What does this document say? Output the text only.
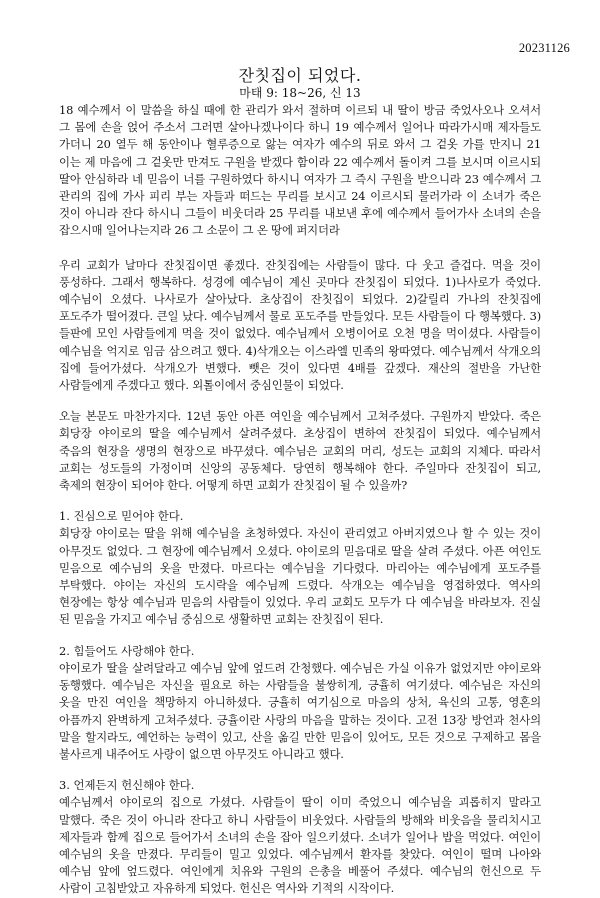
20231126
잔칫집이 되었다.
마태 9: 18~26, 신 13

18 예수께서 이 말씀을 하실 때에 한 관리가 와서 절하며 이르되 내 딸이 방금 죽었사오나 오셔서 그 몸에 손을 얹어 주소서 그러면 살아나겠나이다 하니 19 예수께서 일어나 따라가시매 제자들도 가더니 20 열두 해 동안이나 혈루증으로 앓는 여자가 예수의 뒤로 와서 그 겉옷 가를 만지니 21 이는 제 마음에 그 겉옷만 만져도 구원을 받겠다 함이라 22 예수께서 돌이켜 그를 보시며 이르시되 딸아 안심하라 네 믿음이 너를 구원하였다 하시니 여자가 그 즉시 구원을 받으니라 23 예수께서 그 관리의 집에 가사 피리 부는 자들과 떠드는 무리를 보시고 24 이르시되 물러가라 이 소녀가 죽은 것이 아니라 잔다 하시니 그들이 비웃더라 25 무리를 내보낸 후에 예수께서 들어가사 소녀의 손을 잡으시매 일어나는지라 26 그 소문이 그 온 땅에 퍼지더라

우리 교회가 날마다 잔칫집이면 좋겠다. 잔칫집에는 사람들이 많다. 다 웃고 즐겁다. 먹을 것이 풍성하다. 그래서 행복하다. 성경에 예수님이 계신 곳마다 잔칫집이 되었다. 1)나사로가 죽었다. 예수님이 오셨다. 나사로가 살아났다. 초상집이 잔칫집이 되었다. 2)갈릴리 가나의 잔칫집에 포도주가 떨어졌다. 큰일 났다. 예수님께서 물로 포도주를 만들었다. 모든 사람들이 다 행복했다. 3)들판에 모인 사람들에게 먹을 것이 없었다. 예수님께서 오병이어로 오천 명을 먹이셨다. 사람들이 예수님을 억지로 임금 삼으려고 했다. 4)삭개오는 이스라엘 민족의 왕따였다. 예수님께서 삭개오의 집에 들어가셨다. 삭개오가 변했다. 뺏은 것이 있다면 4배를 갚겠다. 재산의 절반을 가난한 사람들에게 주겠다고 했다. 외톨이에서 중심인물이 되었다.

오늘 본문도 마찬가지다. 12년 동안 아픈 여인을 예수님께서 고쳐주셨다. 구원까지 받았다. 죽은 회당장 야이로의 딸을 예수님께서 살려주셨다. 초상집이 변하여 잔칫집이 되었다. 예수님께서 죽음의 현장을 생명의 현장으로 바꾸셨다. 예수님은 교회의 머리, 성도는 교회의 지체다. 따라서 교회는 성도들의 가정이며 신앙의 공동체다. 당연히 행복해야 한다. 주일마다 잔칫집이 되고, 축제의 현장이 되어야 한다. 어떻게 하면 교회가 잔칫집이 될 수 있을까?

1. 진심으로 믿어야 한다.

회당장 야이로는 딸을 위해 예수님을 초청하였다. 자신이 관리였고 아버지였으나 할 수 있는 것이 아무것도 없었다. 그 현장에 예수님께서 오셨다. 야이로의 믿음대로 딸을 살려 주셨다. 아픈 여인도 믿음으로 예수님의 옷을 만졌다. 마르다는 예수님을 기다렸다. 마리아는 예수님에게 포도주를 부탁했다. 야이는 자신의 도시락을 예수님께 드렸다. 삭개오는 예수님을 영접하였다. 역사의 현장에는 항상 예수님과 믿음의 사람들이 있었다. 우리 교회도 모두가 다 예수님을 바라보자. 진실 된 믿음을 가지고 예수님 중심으로 생활하면 교회는 잔칫집이 된다.

2. 힘들어도 사랑해야 한다.

야이로가 딸을 살려달라고 예수님 앞에 엎드려 간청했다. 예수님은 가실 이유가 없었지만 야이로와 동행했다. 예수님은 자신을 필요로 하는 사람들을 불쌍히게, 긍휼히 여기셨다. 예수님은 자신의 옷을 만진 여인을 책망하지 아니하셨다. 긍휼히 여기심으로 마음의 상처, 육신의 고통, 영혼의 아픔까지 완벽하게 고쳐주셨다. 긍휼이란 사랑의 마음을 말하는 것이다. 고전 13장 방언과 천사의 말을 할지라도, 예언하는 능력이 있고, 산을 옮길 만한 믿음이 있어도, 모든 것으로 구제하고 몸을 불사르게 내주어도 사랑이 없으면 아무것도 아니라고 했다.

3. 언제든지 헌신해야 한다.

예수님께서 야이로의 집으로 가셨다. 사람들이 딸이 이미 죽었으니 예수님을 괴롭히지 말라고 말했다. 죽은 것이 아니라 잔다고 하니 사람들이 비웃었다. 사람들의 방해와 비웃음을 물리치시고 제자들과 함께 집으로 들어가서 소녀의 손을 잡아 일으키셨다. 소녀가 일어나 밥을 먹었다. 여인이 예수님의 옷을 만졌다. 무리들이 밀고 있었다. 예수님께서 환자를 찾았다. 여인이 떨며 나아와 예수님 앞에 엎드렸다. 여인에게 치유와 구원의 은총을 베풀어 주셨다. 예수님의 헌신으로 두 사람이 고침받았고 자유하게 되었다. 헌신은 역사와 기적의 시작이다.
